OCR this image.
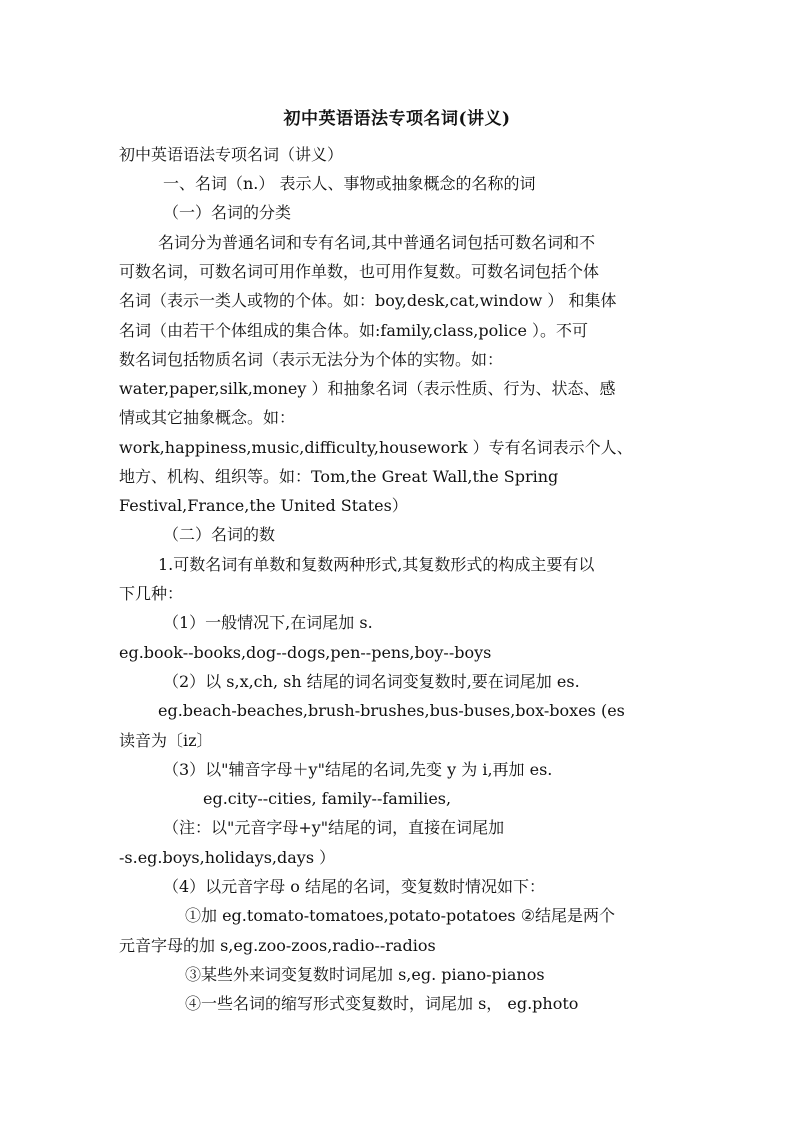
初中英语语法专项名词(讲义)
初中英语语法专项名词（讲义）
一、名词（n.） 表示人、事物或抽象概念的名称的词
（一）名词的分类
名词分为普通名词和专有名词,其中普通名词包括可数名词和不
可数名词，可数名词可用作单数，也可用作复数。可数名词包括个体
名词（表示一类人或物的个体。如：boy,desk,cat,window ） 和集体
名词（由若干个体组成的集合体。如:family,class,police ）。不可
数名词包括物质名词（表示无法分为个体的实物。如：
water,paper,silk,money ）和抽象名词（表示性质、行为、状态、感
情或其它抽象概念。如：
work,happiness,music,difficulty,housework ）专有名词表示个人、
地方、机构、组织等。如：Tom,the Great Wall,the Spring
Festival,France,the United States）
（二）名词的数
1.可数名词有单数和复数两种形式,其复数形式的构成主要有以
下几种：
（1）一般情况下,在词尾加 s.
eg.book--books,dog--dogs,pen--pens,boy--boys
（2）以 s,x,ch, sh 结尾的词名词变复数时,要在词尾加 es.
eg.beach-beaches,brush-brushes,bus-buses,box-boxes (es
读音为〔iz〕
（3）以"辅音字母＋y"结尾的名词,先变 y 为 i,再加 es.
eg.city--cities, family--families,
（注：以"元音字母+y"结尾的词，直接在词尾加
-s.eg.boys,holidays,days ）
（4）以元音字母 o 结尾的名词，变复数时情况如下：
①加 eg.tomato-tomatoes,potato-potatoes ②结尾是两个
元音字母的加 s,eg.zoo-zoos,radio--radios
③某些外来词变复数时词尾加 s,eg. piano-pianos
④一些名词的缩写形式变复数时，词尾加 s， eg.photo
